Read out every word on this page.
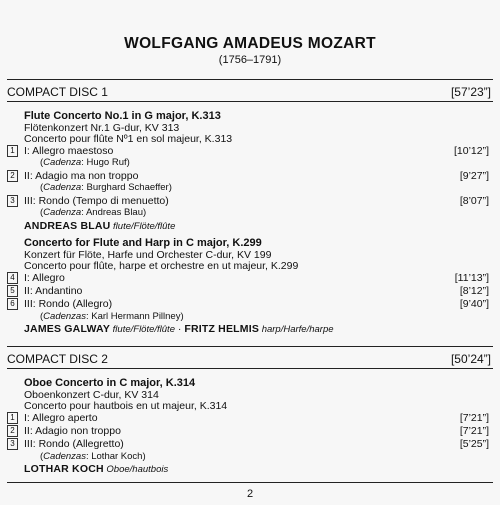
WOLFGANG AMADEUS MOZART
(1756–1791)
COMPACT DISC 1	[57’23”]
Flute Concerto No.1 in G major, K.313
Flötenkonzert Nr.1 G-dur, KV 313
Concerto pour flûte Nº1 en sol majeur, K.313
1 I: Allegro maestoso	[10’12”]
(Cadenza: Hugo Ruf)
2 II: Adagio ma non troppo	[9’27”]
(Cadenza: Burghard Schaeffer)
3 III: Rondo (Tempo di menuetto)	[8’07”]
(Cadenza: Andreas Blau)
ANDREAS BLAU flute/Flöte/flûte
Concerto for Flute and Harp in C major, K.299
Konzert für Flöte, Harfe und Orchester C-dur, KV 199
Concerto pour flûte, harpe et orchestre en ut majeur, K.299
4 I: Allegro	[11’13”]
5 II: Andantino	[8’12”]
6 III: Rondo (Allegro)	[9’40”]
(Cadenzas: Karl Hermann Pillney)
JAMES GALWAY flute/Flöte/flûte · FRITZ HELMIS harp/Harfe/harpe
COMPACT DISC 2	[50’24”]
Oboe Concerto in C major, K.314
Oboenkonzert C-dur, KV 314
Concerto pour hautbois en ut majeur, K.314
1 I: Allegro aperto	[7’21”]
2 II: Adagio non troppo	[7’21”]
3 III: Rondo (Allegretto)	[5’25”]
(Cadenzas: Lothar Koch)
LOTHAR KOCH Oboe/hautbois
2
